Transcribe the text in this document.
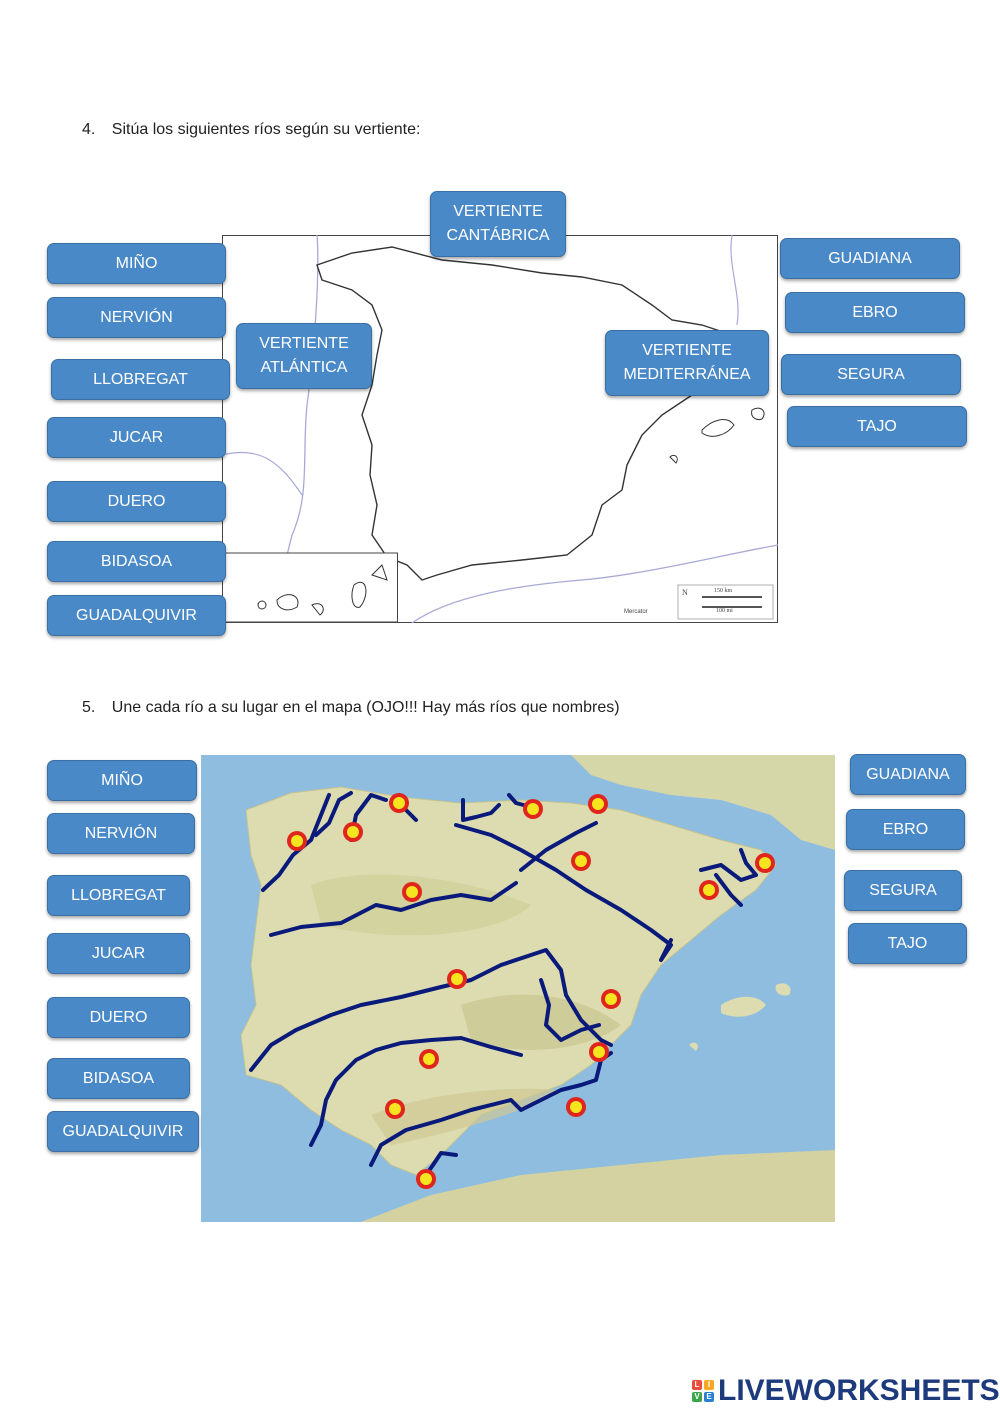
4. Sitúa los siguientes ríos según su vertiente:
150 km
100 mi
N
Mercator
VERTIENTE
CANTÁBRICA
VERTIENTE
ATLÁNTICA
VERTIENTE
MEDITERRÁNEA
MIÑO
NERVIÓN
LLOBREGAT
JUCAR
DUERO
BIDASOA
GUADALQUIVIR
GUADIANA
EBRO
SEGURA
TAJO
5. Une cada río a su lugar en el mapa (OJO!!! Hay más ríos que nombres)
MIÑO
NERVIÓN
LLOBREGAT
JUCAR
DUERO
BIDASOA
GUADALQUIVIR
GUADIANA
EBRO
SEGURA
TAJO
L	I
V E LIVEWORKSHEETS
